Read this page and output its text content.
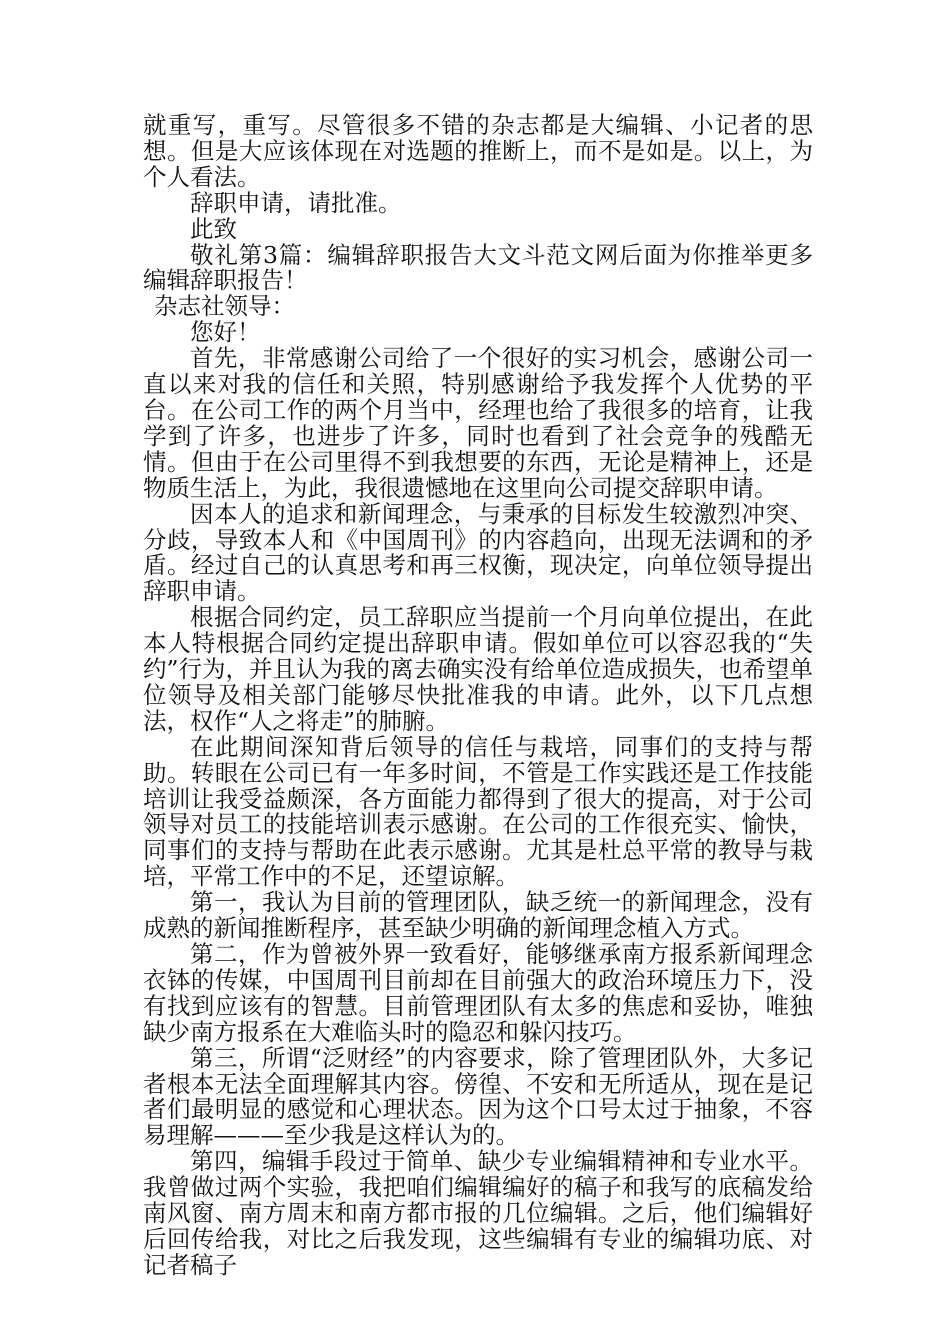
就重写，重写。尽管很多不错的杂志都是大编辑、小记者的思想。但是大应该体现在对选题的推断上，而不是如是。以上，为个人看法。

辞职申请，请批准。

此致

敬礼第3篇：编辑辞职报告大文斗范文网后面为你推举更多编辑辞职报告！

杂志社领导：

您好！

首先，非常感谢公司给了一个很好的实习机会，感谢公司一直以来对我的信任和关照，特别感谢给予我发挥个人优势的平台。在公司工作的两个月当中，经理也给了我很多的培育，让我学到了许多，也进步了许多，同时也看到了社会竞争的残酷无情。但由于在公司里得不到我想要的东西，无论是精神上，还是物质生活上，为此，我很遗憾地在这里向公司提交辞职申请。

因本人的追求和新闻理念，与秉承的目标发生较激烈冲突、分歧，导致本人和《中国周刊》的内容趋向，出现无法调和的矛盾。经过自己的认真思考和再三权衡，现决定，向单位领导提出辞职申请。

根据合同约定，员工辞职应当提前一个月向单位提出，在此本人特根据合同约定提出辞职申请。假如单位可以容忍我的“失约”行为，并且认为我的离去确实没有给单位造成损失，也希望单位领导及相关部门能够尽快批准我的申请。此外，以下几点想法，权作“人之将走”的肺腑。

在此期间深知背后领导的信任与栽培，同事们的支持与帮助。转眼在公司已有一年多时间，不管是工作实践还是工作技能培训让我受益颇深，各方面能力都得到了很大的提高，对于公司领导对员工的技能培训表示感谢。在公司的工作很充实、愉快，同事们的支持与帮助在此表示感谢。尤其是杜总平常的教导与栽培，平常工作中的不足，还望谅解。

第一，我认为目前的管理团队，缺乏统一的新闻理念，没有成熟的新闻推断程序，甚至缺少明确的新闻理念植入方式。

第二，作为曾被外界一致看好，能够继承南方报系新闻理念衣钵的传媒，中国周刊目前却在目前强大的政治环境压力下，没有找到应该有的智慧。目前管理团队有太多的焦虑和妥协，唯独缺少南方报系在大难临头时的隐忍和躲闪技巧。

第三，所谓“泛财经”的内容要求，除了管理团队外，大多记者根本无法全面理解其内容。傍徨、不安和无所适从，现在是记者们最明显的感觉和心理状态。因为这个口号太过于抽象，不容易理解———至少我是这样认为的。

第四，编辑手段过于简单、缺少专业编辑精神和专业水平。我曾做过两个实验，我把咱们编辑编好的稿子和我写的底稿发给南风窗、南方周末和南方都市报的几位编辑。之后，他们编辑好后回传给我，对比之后我发现，这些编辑有专业的编辑功底、对记者稿子
